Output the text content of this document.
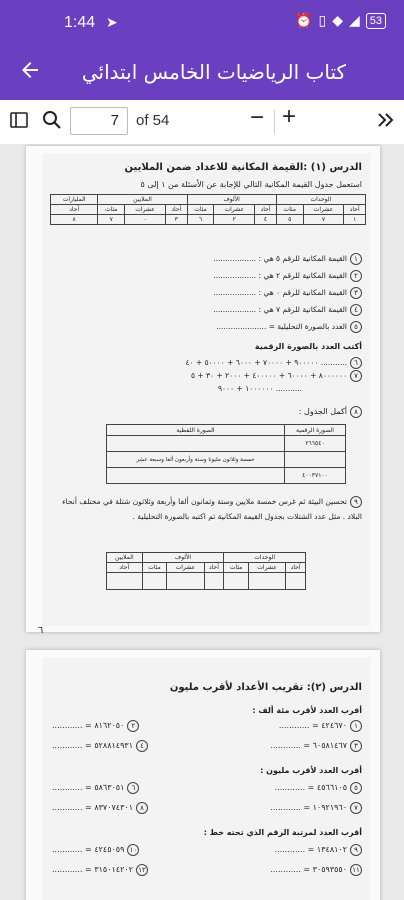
1:44 ➤	⏰ ▯ ◆ ◢ 53
كتاب الرياضيات الخامس ابتدائي
7	of 54	− +
الدرس (١) :القيمة المكانية للاعداد ضمن الملايين
استعمل جدول القيمة المكانية التالي للإجابة عن الأسئلة من ١ إلى ٥
الوحدات			الألوف			الملايين			المليارات
آحاد	عشرات	مئات	آحاد	عشرات	مئات	آحاد	عشرات	مئات	آحاد
١	٧	٥	٤	٢	٦	٣	٠	٧	٨
١القيمة المكانية للرقم ٥ هي : ..................
٢القيمة المكانية للرقم ٢ هي : ..................
٣القيمة المكانية للرقم ٠ هي : ..................
٤القيمة المكانية للرقم ٧ هي : ..................
٥العدد بالصورة التحليلية = .....................
أكتب العدد بالصورة الرقمية
٦........... ٩٠٠٠٠٠ + ٧٠٠٠٠ + ٦٠٠٠ + ٥٠٠٠٠ + ٤٠
٧٨٠٠٠٠٠٠ + ٦٠٠٠٠ + ٤٠٠٠٠٠ + ٢٠٠٠ + ٣٠ + ٥
........... ١٠٠٠٠٠٠ + ٩٠٠٠
٨أكمل الجدول :
الصورة الرقمية	الصورة اللفظية
٢٦٦٥٤٠	
	خمسة وثلاثون مليونا وستة وأربعون ألفا وسبعة عشر
٤٠٠٣٧١٠٠	
٩تحسين البيئة ثم غرس خمسة ملايين وستة وثمانون ألفا وأربعة وثلاثون شتلة في مختلف أنحاء البلاد . مثل عدد الشتلات بجدول القيمة المكانية ثم اكتبه بالصورة التحليلية .
الوحدات			الألوف			الملايين
آحاد	عشرات	مئات	آحاد	عشرات	مئات	آحاد

٦
الدرس (٢): تقريب الأعداد لأقرب مليون
أقرب العدد لأقرب مئة ألف :
١٤٢٤٦٧٠ = ............
٢٨١٦٢٠٥٠ = ............
٣٦٠٥٨١٤٦٧ = ............
٤٥٢٨٨١٤٩٣١ = ............
أقرب العدد لأقرب مليون :
٥٤٥٦٦١٠٥ = ............
٦٥٨٦٣٠٥١ = ............
٧١٠٩٢١٩٦٠ = ............
٨٨٣٧٠٧٤٣٠١ = ............
أقرب العدد لمرتبة الرقم الذي تحته خط :
٩١٣٤٨١٠٢ = ............
١٠٤٢٤٥٠٥٩ = ............
١١٣٠٥٩٣٥٥٠ = ............
١٢٣١٥٠١٤٢٠٢ = ............
